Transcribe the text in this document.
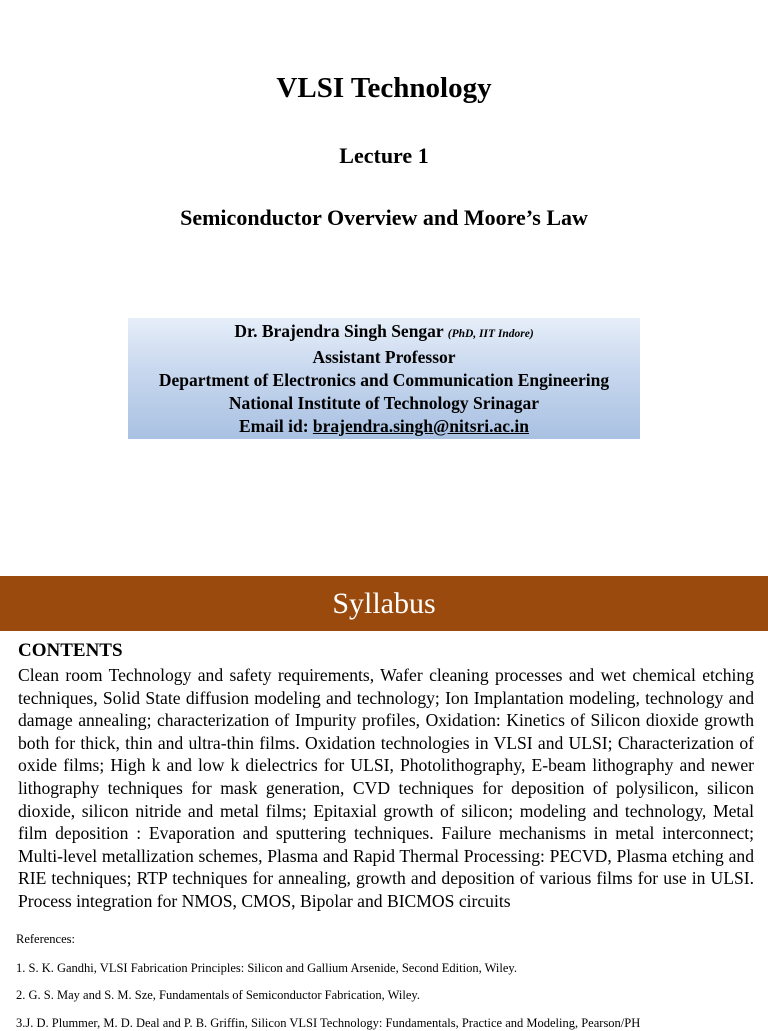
VLSI Technology
Lecture 1
Semiconductor Overview and Moore’s Law
Dr. Brajendra Singh Sengar (PhD, IIT Indore)
Assistant Professor
Department of Electronics and Communication Engineering
National Institute of Technology Srinagar
Email id: brajendra.singh@nitsri.ac.in
Syllabus
CONTENTS
Clean room Technology and safety requirements, Wafer cleaning processes and wet chemical etching techniques, Solid State diffusion modeling and technology; Ion Implantation modeling, technology and damage annealing; characterization of Impurity profiles, Oxidation: Kinetics of Silicon dioxide growth both for thick, thin and ultra-thin films. Oxidation technologies in VLSI and ULSI; Characterization of oxide films; High k and low k dielectrics for ULSI, Photolithography, E-beam lithography and newer lithography techniques for mask generation, CVD techniques for deposition of polysilicon, silicon dioxide, silicon nitride and metal films; Epitaxial growth of silicon; modeling and technology, Metal film deposition : Evaporation and sputtering techniques. Failure mechanisms in metal interconnect; Multi-level metallization schemes, Plasma and Rapid Thermal Processing: PECVD, Plasma etching and RIE techniques; RTP techniques for annealing, growth and deposition of various films for use in ULSI. Process integration for NMOS, CMOS, Bipolar and BICMOS circuits
References:
1. S. K. Gandhi, VLSI Fabrication Principles: Silicon and Gallium Arsenide, Second Edition, Wiley.
2. G. S. May and S. M. Sze, Fundamentals of Semiconductor Fabrication, Wiley.
3.J. D. Plummer, M. D. Deal and P. B. Griffin, Silicon VLSI Technology: Fundamentals, Practice and Modeling, Pearson/PH
